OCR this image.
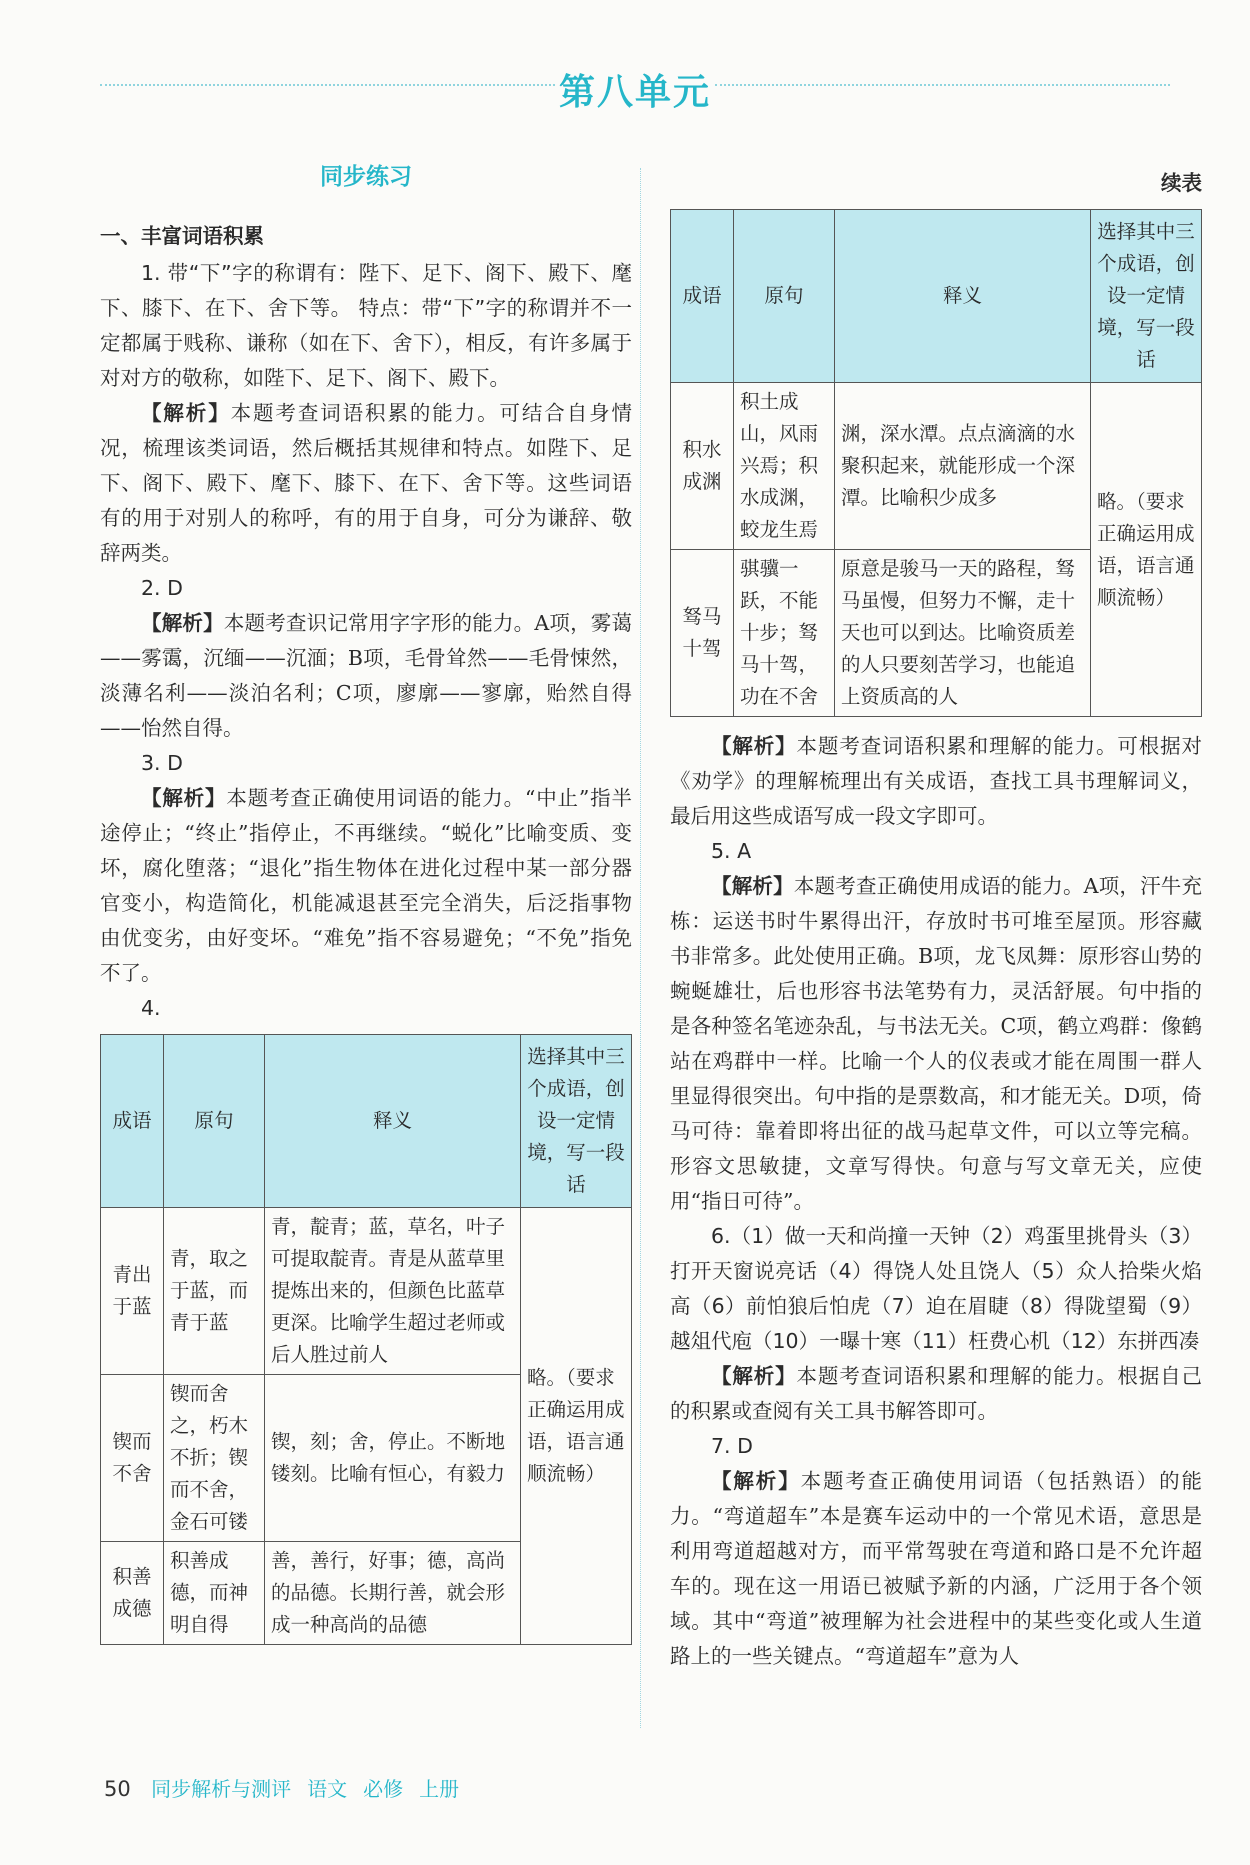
第八单元

同步练习

一、丰富词语积累

1. 带“下”字的称谓有：陛下、足下、阁下、殿下、麾下、膝下、在下、舍下等。 特点：带“下”字的称谓并不一定都属于贱称、谦称（如在下、舍下），相反，有许多属于对对方的敬称，如陛下、足下、阁下、殿下。

【解析】本题考查词语积累的能力。可结合自身情况，梳理该类词语，然后概括其规律和特点。如陛下、足下、阁下、殿下、麾下、膝下、在下、舍下等。这些词语有的用于对别人的称呼，有的用于自身，可分为谦辞、敬辞两类。

2. D

【解析】本题考查识记常用字字形的能力。A项，雾蔼——雾霭，沉缅——沉湎；B项，毛骨耸然——毛骨悚然，淡薄名利——淡泊名利；C项，廖廓——寥廓，贻然自得——怡然自得。

3. D

【解析】本题考查正确使用词语的能力。“中止”指半途停止；“终止”指停止，不再继续。“蜕化”比喻变质、变坏，腐化堕落；“退化”指生物体在进化过程中某一部分器官变小，构造简化，机能减退甚至完全消失，后泛指事物由优变劣，由好变坏。“难免”指不容易避免；“不免”指免不了。

4.

成语	原句	释义	选择其中三个成语，创设一定情境，写一段话
青出于蓝	青，取之于蓝，而青于蓝	青，靛青；蓝，草名，叶子可提取靛青。青是从蓝草里提炼出来的，但颜色比蓝草更深。比喻学生超过老师或后人胜过前人	略。（要求正确运用成语，语言通顺流畅）
锲而不舍	锲而舍之，朽木不折；锲而不舍，金石可镂	锲，刻；舍，停止。不断地镂刻。比喻有恒心，有毅力	
积善成德	积善成德，而神明自得	善，善行，好事；德，高尚的品德。长期行善，就会形成一种高尚的品德	

续表

成语	原句	释义	选择其中三个成语，创设一定情境，写一段话
积水成渊	积土成山，风雨兴焉；积水成渊，蛟龙生焉	渊，深水潭。点点滴滴的水聚积起来，就能形成一个深潭。比喻积少成多	略。（要求正确运用成语，语言通顺流畅）
驽马十驾	骐骥一跃，不能十步；驽马十驾，功在不舍	原意是骏马一天的路程，驽马虽慢，但努力不懈，走十天也可以到达。比喻资质差的人只要刻苦学习，也能追上资质高的人	

【解析】本题考查词语积累和理解的能力。可根据对《劝学》的理解梳理出有关成语，查找工具书理解词义，最后用这些成语写成一段文字即可。

5. A

【解析】本题考查正确使用成语的能力。A项，汗牛充栋：运送书时牛累得出汗，存放时书可堆至屋顶。形容藏书非常多。此处使用正确。B项，龙飞凤舞：原形容山势的蜿蜒雄壮，后也形容书法笔势有力，灵活舒展。句中指的是各种签名笔迹杂乱，与书法无关。C项，鹤立鸡群：像鹤站在鸡群中一样。比喻一个人的仪表或才能在周围一群人里显得很突出。句中指的是票数高，和才能无关。D项，倚马可待：靠着即将出征的战马起草文件，可以立等完稿。形容文思敏捷，文章写得快。句意与写文章无关，应使用“指日可待”。

6.（1）做一天和尚撞一天钟（2）鸡蛋里挑骨头（3）打开天窗说亮话（4）得饶人处且饶人（5）众人拾柴火焰高（6）前怕狼后怕虎（7）迫在眉睫（8）得陇望蜀（9）越俎代庖（10）一曝十寒（11）枉费心机（12）东拼西凑

【解析】本题考查词语积累和理解的能力。根据自己的积累或查阅有关工具书解答即可。

7. D

【解析】本题考查正确使用词语（包括熟语）的能力。“弯道超车”本是赛车运动中的一个常见术语，意思是利用弯道超越对方，而平常驾驶在弯道和路口是不允许超车的。现在这一用语已被赋予新的内涵，广泛用于各个领域。其中“弯道”被理解为社会进程中的某些变化或人生道路上的一些关键点。“弯道超车”意为人

50 同步解析与测评 语文 必修 上册
